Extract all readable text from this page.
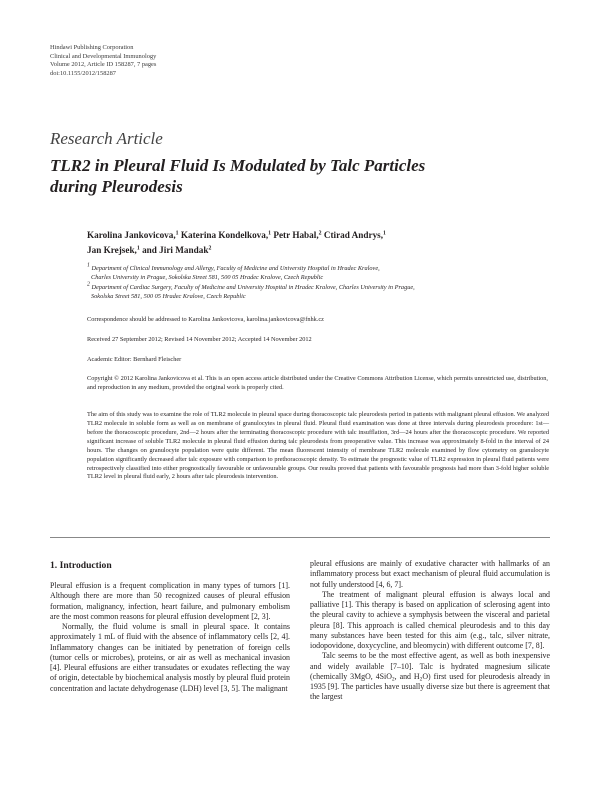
Hindawi Publishing Corporation
Clinical and Developmental Immunology
Volume 2012, Article ID 158287, 7 pages
doi:10.1155/2012/158287
Research Article
TLR2 in Pleural Fluid Is Modulated by Talc Particles
during Pleurodesis
Karolina Jankovicova,$^1$ Katerina Kondelkova,$^1$ Petr Habal,$^2$ Ctirad Andrys,$^1$
Jan Krejsek,$^1$ and Jiri Mandak$^2$
$^1$ Department of Clinical Immunology and Allergy, Faculty of Medicine and University Hospital in Hradec Kralove,
Charles University in Prague, Sokolska Street 581, 500 05 Hradec Kralove, Czech Republic
$^2$ Department of Cardiac Surgery, Faculty of Medicine and University Hospital in Hradec Kralove, Charles University in Prague,
Sokolska Street 581, 500 05 Hradec Kralove, Czech Republic
Correspondence should be addressed to Karolina Jankovicova, karolina.jankovicova@fnhk.cz
Received 27 September 2012; Revised 14 November 2012; Accepted 14 November 2012
Academic Editor: Bernhard Fleischer
Copyright © 2012 Karolina Jankovicova et al. This is an open access article distributed under the Creative Commons Attribution License, which permits unrestricted use, distribution, and reproduction in any medium, provided the original work is properly cited.
The aim of this study was to examine the role of TLR2 molecule in pleural space during thoracoscopic talc pleurodesis period in patients with malignant pleural effusion. We analyzed TLR2 molecule in soluble form as well as on membrane of granulocytes in pleural fluid. Pleural fluid examination was done at three intervals during pleurodesis procedure: 1st—before the thoracoscopic procedure, 2nd—2 hours after the terminating thoracoscopic procedure with talc insufflation, 3rd—24 hours after the thoracoscopic procedure. We reported significant increase of soluble TLR2 molecule in pleural fluid effusion during talc pleurodesis from preoperative value. This increase was approximately 8-fold in the interval of 24 hours. The changes on granulocyte population were quite different. The mean fluorescent intensity of membrane TLR2 molecule examined by flow cytometry on granulocyte population significantly decreased after talc exposure with comparison to prethoracoscopic density. To estimate the prognostic value of TLR2 expression in pleural fluid patients were retrospectively classified into either prognostically favourable or unfavourable groups. Our results proved that patients with favourable prognosis had more than 3-fold higher soluble TLR2 level in pleural fluid early, 2 hours after talc pleurodesis intervention.
1. Introduction

Pleural effusion is a frequent complication in many types of tumors [1]. Although there are more than 50 recognized causes of pleural effusion formation, malignancy, infection, heart failure, and pulmonary embolism are the most common reasons for pleural effusion development [2, 3].

Normally, the fluid volume is small in pleural space. It contains approximately 1 mL of fluid with the absence of inflammatory cells [2, 4]. Inflammatory changes can be initiated by penetration of foreign cells (tumor cells or microbes), proteins, or air as well as mechanical invasion [4]. Pleural effusions are either transudates or exudates reflecting the way of origin, detectable by biochemical analysis mostly by pleural fluid protein concentration and lactate dehydrogenase (LDH) level [3, 5]. The malignant

pleural effusions are mainly of exudative character with hallmarks of an inflammatory process but exact mechanism of pleural fluid accumulation is not fully understood [4, 6, 7].

The treatment of malignant pleural effusion is always local and palliative [1]. This therapy is based on application of sclerosing agent into the pleural cavity to achieve a symphysis between the visceral and parietal pleura [8]. This approach is called chemical pleurodesis and to this day many substances have been tested for this aim (e.g., talc, silver nitrate, iodopovidone, doxycycline, and bleomycin) with different outcome [7, 8].

Talc seems to be the most effective agent, as well as both inexpensive and widely available [7–10]. Talc is hydrated magnesium silicate (chemically 3MgO, 4SiO$_2$, and $H_2O$) first used for pleurodesis already in 1935 [9]. The particles have usually diverse size but there is agreement that the largest
